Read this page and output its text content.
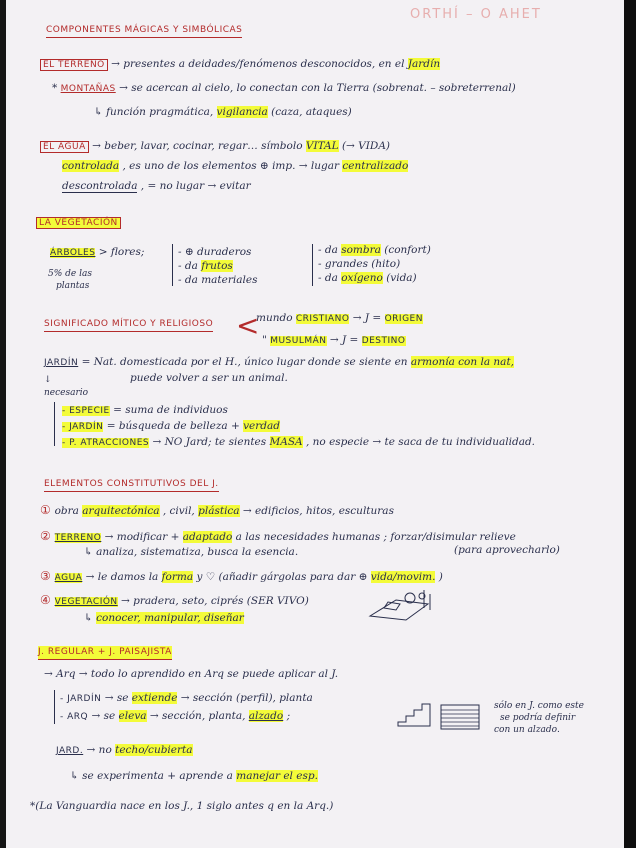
ORTHÍ – O AHET
COMPONENTES MÁGICAS Y SIMBÓLICAS
EL TERRENO → presentes a deidades/fenómenos desconocidos, en el Jardín
* MONTAÑAS → se acercan al cielo, lo conectan con la Tierra (sobrenat. – sobreterrenal)
↳ función pragmática, vigilancia (caza, ataques)
EL AGUA → beber, lavar, cocinar, regar… símbolo VITAL (→ VIDA)
controlada , es uno de los elementos ⊕ imp. → lugar centralizado
descontrolada , = no lugar → evitar
LA VEGETACIÓN
ÁRBOLES > flores;
5% de las
plantas
- ⊕ duraderos
- da frutos
- da materiales
- da sombra (confort)
- grandes (hito)
- da oxígeno (vida)
SIGNIFICADO MÍTICO Y RELIGIOSO <
mundo CRISTIANO → J = ORIGEN
" MUSULMÁN → J = DESTINO
JARDÍN = Nat. domesticada por el H., único lugar donde se siente en armonía con la nat,
puede volver a ser un animal.
↓ necesario
- ESPECIE = suma de individuos
- JARDÍN = búsqueda de belleza + verdad
- P. ATRACCIONES → NO Jard; te sientes MASA , no especie → te saca de tu individualidad.
ELEMENTOS CONSTITUTIVOS DEL J.
① obra arquitectónica , civil, plástica → edificios, hitos, esculturas
② TERRENO → modificar + adaptado a las necesidades humanas ; forzar/disimular relieve
(para aprovecharlo)
↳ analiza, sistematiza, busca la esencia.
③ AGUA → le damos la forma y ♡ (añadir gárgolas para dar ⊕ vida/movim. )
④ VEGETACIÓN → pradera, seto, ciprés (SER VIVO)
↳ conocer, manipular, diseñar
J. REGULAR + J. PAISAJISTA
→ Arq → todo lo aprendido en Arq se puede aplicar al J.
- JARDÍN → se extiende → sección (perfil), planta
- ARQ → se eleva → sección, planta, alzado ;
sólo en J. como este
se podría definir
con un alzado.
JARD. → no techo/cubierta
↳ se experimenta + aprende a manejar el esp.
*(La Vanguardia nace en los J., 1 siglo antes q en la Arq.)
